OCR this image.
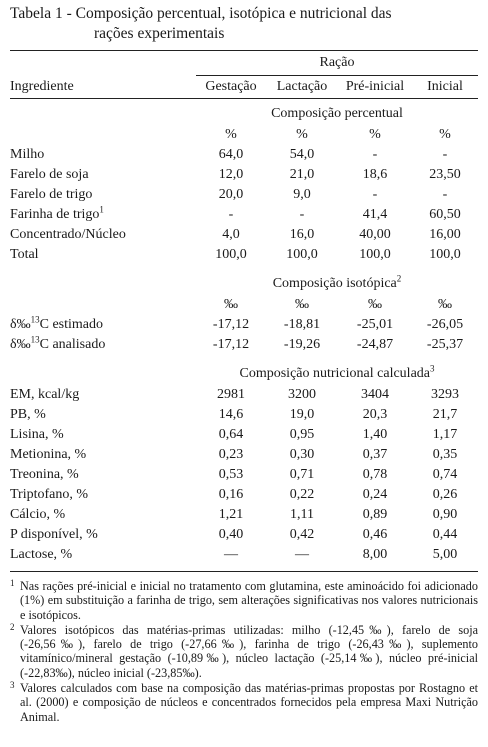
Tabela 1 - Composição percentual, isotópica e nutricional das
rações experimentais

	Ração			
Ingrediente	Gestação	Lactação	Pré-inicial	Inicial
	Composição percentual			
	%	%	%	%
Milho	64,0	54,0	-	-
Farelo de soja	12,0	21,0	18,6	23,50
Farelo de trigo	20,0	9,0	-	-
Farinha de trigo$^1$	-	-	41,4	60,50
Concentrado/Núcleo	4,0	16,0	40,00	16,00
Total	100,0	100,0	100,0	100,0
	Composição isotópica$^2$
	‰	‰	‰	‰
δ‰$^{13}$C estimado	-17,12	-18,81	-25,01	-26,05
δ‰$^{13}$C analisado	-17,12	-19,26	-24,87	-25,37
	Composição nutricional calculada$^3$
EM, kcal/kg	2981	3200	3404	3293
PB, %	14,6	19,0	20,3	21,7
Lisina, %	0,64	0,95	1,40	1,17
Metionina, %	0,23	0,30	0,37	0,35
Treonina, %	0,53	0,71	0,78	0,74
Triptofano, %	0,16	0,22	0,24	0,26
Cálcio, %	1,21	1,11	0,89	0,90
P disponível, %	0,40	0,42	0,46	0,44
Lactose, %	—	—	8,00	5,00
1 Nas rações pré-inicial e inicial no tratamento com glutamina, este aminoácido foi adicionado (1%) em substituição a farinha de trigo, sem alterações significativas nos valores nutricionais e isotópicos.
2 Valores isotópicos das matérias-primas utilizadas: milho (-12,45‰), farelo de soja (-26,56‰), farelo de trigo (-27,66‰), farinha de trigo (-26,43‰), suplemento vitamínico/mineral gestação (-10,89‰), núcleo lactação (-25,14‰), núcleo pré-inicial (-22,83‰), núcleo inicial (-23,85‰).
3 Valores calculados com base na composição das matérias-primas propostas por Rostagno et al. (2000) e composição de núcleos e concentrados fornecidos pela empresa Maxi Nutrição Animal.
